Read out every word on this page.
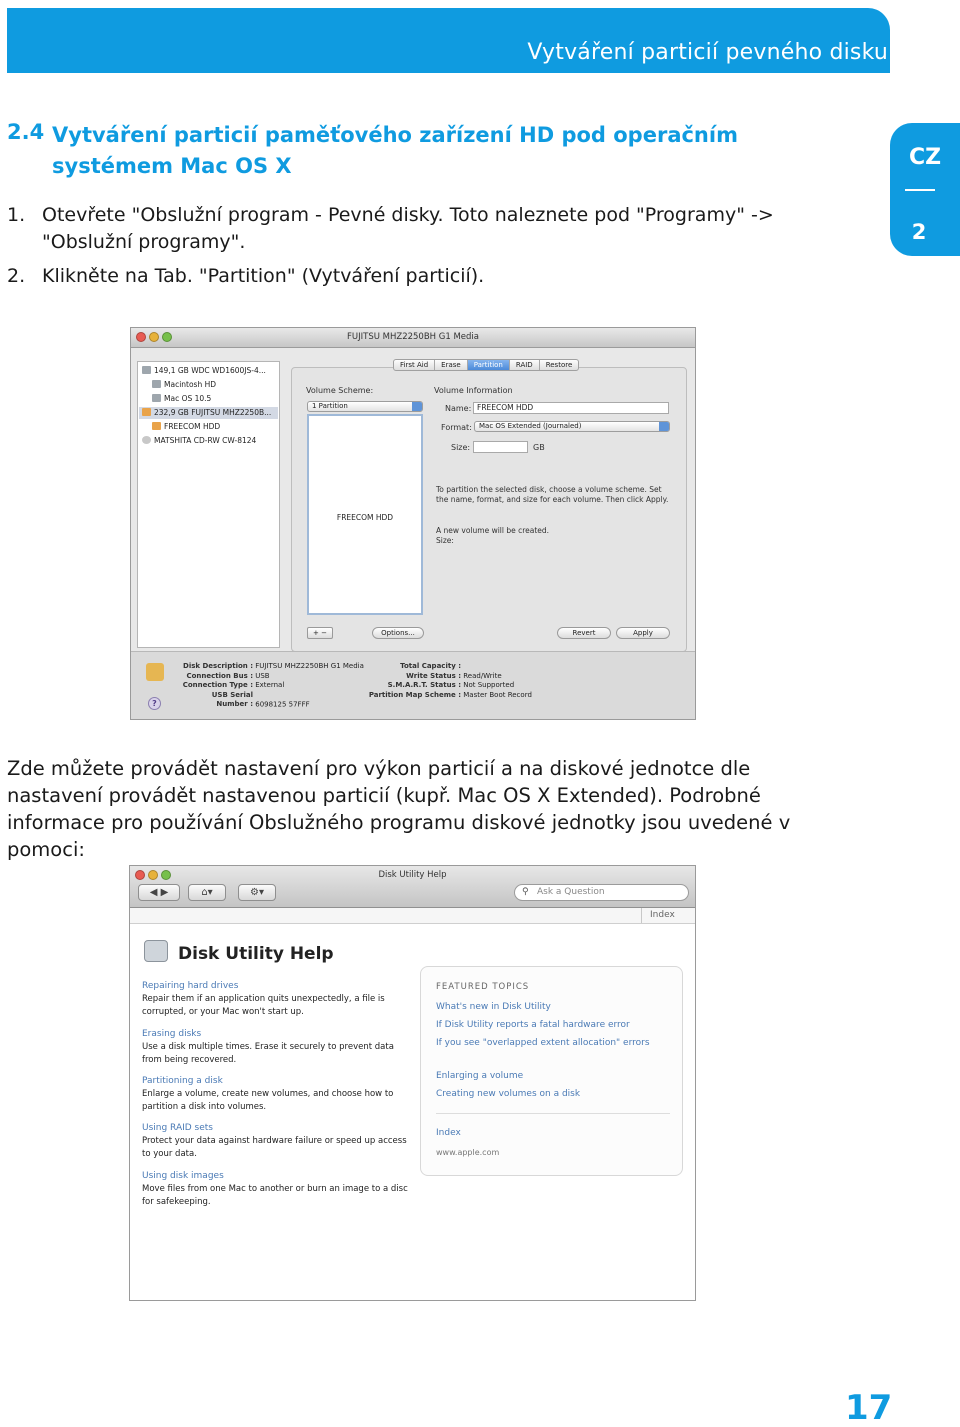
Vytváření particií pevného disku
CZ
2
2.4 Vytváření particií paměťového zařízení HD pod operačním
systémem Mac OS X
1. Otevřete "Obslužní program - Pevné disky. Toto naleznete pod "Programy" -> "Obslužní programy".
2. Klikněte na Tab. "Partition" (Vytváření particií).
FUJITSU MHZ2250BH G1 Media
149,1 GB WDC WD1600JS-4...
Macintosh HD
Mac OS 10.5
232,9 GB FUJITSU MHZ2250B...
FREECOM HDD
MATSHITA CD-RW CW-8124
First Aid	Erase	Partition	RAID	Restore
Volume Scheme:
1 Partition
FREECOM HDD
Volume Information
Name: FREECOM HDD
Format:	Mac OS Extended (Journaled)
Size:	GB
To partition the selected disk, choose a volume scheme. Set the name, format, and size for each volume. Then click Apply.
A new volume will be created.
Size:
+ −	Options...	Revert	Apply
?
Disk Description : FUJITSU MHZ2250BH G1 Media
Connection Bus : USB
Connection Type : External
USB Serial Number : 6098125 57FFF
Total Capacity :
Write Status : Read/Write
S.M.A.R.T. Status : Not Supported
Partition Map Scheme : Master Boot Record
Zde můžete provádět nastavení pro výkon particií a na diskové jednotce dle nastavení provádět nastavenou particií (kupř. Mac OS X Extended). Podrobné informace pro používání Obslužného programu diskové jednotky jsou uvedené v pomoci:
Disk Utility Help
◀ ▶	⌂▾	⚙▾	Ask a Question
⚲
Index
Disk Utility Help
Repairing hard drives
Repair them if an application quits unexpectedly, a file is corrupted, or your Mac won't start up.
Erasing disks
Use a disk multiple times. Erase it securely to prevent data from being recovered.
Partitioning a disk
Enlarge a volume, create new volumes, and choose how to partition a disk into volumes.
Using RAID sets
Protect your data against hardware failure or speed up access to your data.
Using disk images
Move files from one Mac to another or burn an image to a disc for safekeeping.
FEATURED TOPICS
What's new in Disk Utility
If Disk Utility reports a fatal hardware error
If you see "overlapped extent allocation" errors
Enlarging a volume
Creating new volumes on a disk
Index
www.apple.com
17
